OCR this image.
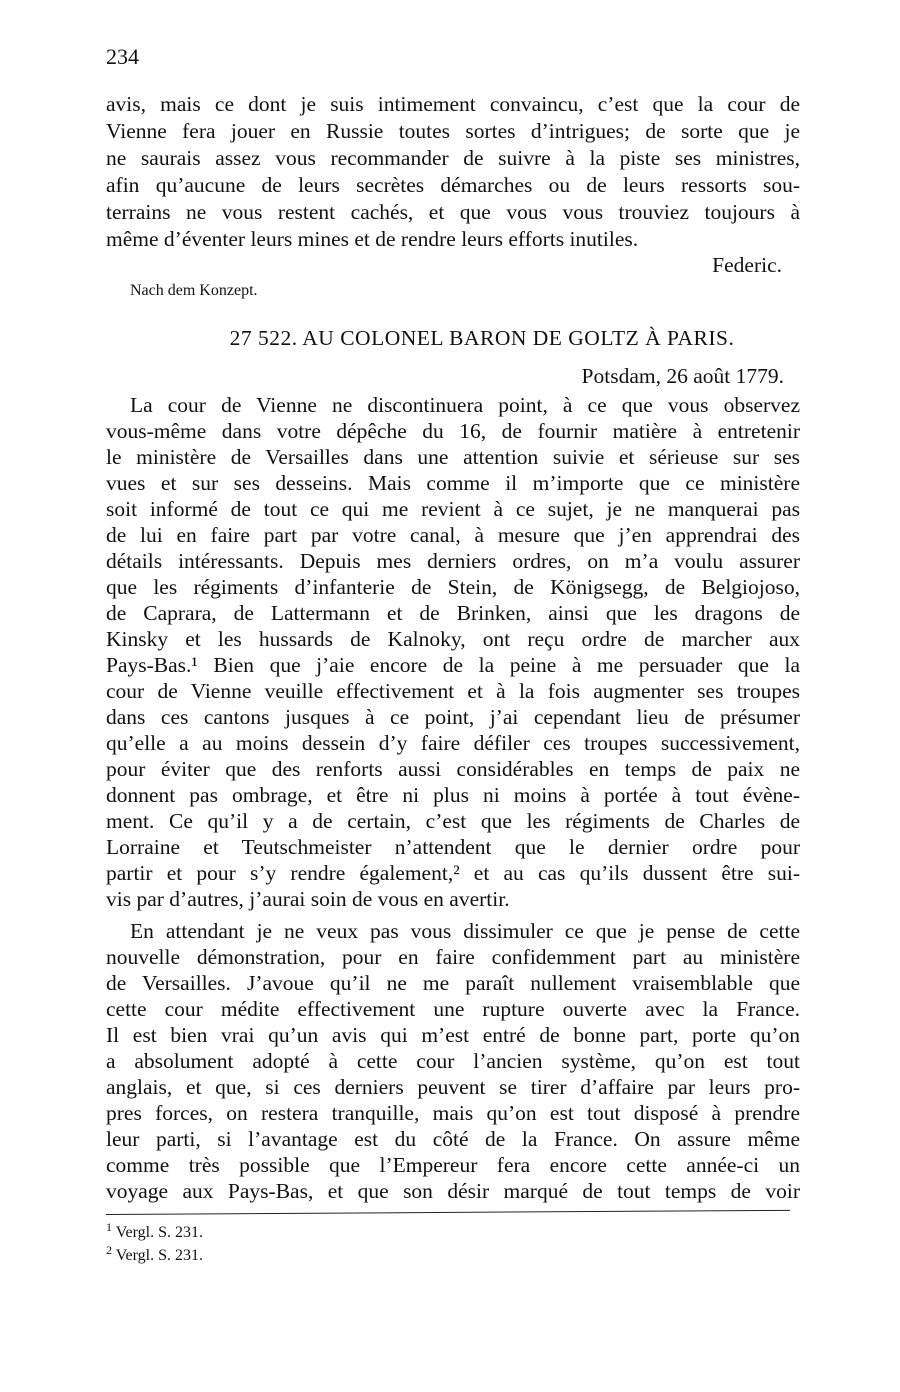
234
avis, mais ce dont je suis intimement convaincu, c’est que la cour de
Vienne fera jouer en Russie toutes sortes d’intrigues; de sorte que je
ne saurais assez vous recommander de suivre à la piste ses ministres,
afin qu’aucune de leurs secrètes démarches ou de leurs ressorts sou-
terrains ne vous restent cachés, et que vous vous trouviez toujours à
même d’éventer leurs mines et de rendre leurs efforts inutiles.
Federic.
Nach dem Konzept.
27 522. AU COLONEL BARON DE GOLTZ À PARIS.
Potsdam, 26 août 1779.
La cour de Vienne ne discontinuera point, à ce que vous observez
vous-même dans votre dépêche du 16, de fournir matière à entretenir
le ministère de Versailles dans une attention suivie et sérieuse sur ses
vues et sur ses desseins. Mais comme il m’importe que ce ministère
soit informé de tout ce qui me revient à ce sujet, je ne manquerai pas
de lui en faire part par votre canal, à mesure que j’en apprendrai des
détails intéressants. Depuis mes derniers ordres, on m’a voulu assurer
que les régiments d’infanterie de Stein, de Königsegg, de Belgiojoso,
de Caprara, de Lattermann et de Brinken, ainsi que les dragons de
Kinsky et les hussards de Kalnoky, ont reçu ordre de marcher aux
Pays-Bas.¹ Bien que j’aie encore de la peine à me persuader que la
cour de Vienne veuille effectivement et à la fois augmenter ses troupes
dans ces cantons jusques à ce point, j’ai cependant lieu de présumer
qu’elle a au moins dessein d’y faire défiler ces troupes successivement,
pour éviter que des renforts aussi considérables en temps de paix ne
donnent pas ombrage, et être ni plus ni moins à portée à tout évène-
ment. Ce qu’il y a de certain, c’est que les régiments de Charles de
Lorraine et Teutschmeister n’attendent que le dernier ordre pour
partir et pour s’y rendre également,² et au cas qu’ils dussent être sui-
vis par d’autres, j’aurai soin de vous en avertir.
En attendant je ne veux pas vous dissimuler ce que je pense de cette
nouvelle démonstration, pour en faire confidemment part au ministère
de Versailles. J’avoue qu’il ne me paraît nullement vraisemblable que
cette cour médite effectivement une rupture ouverte avec la France.
Il est bien vrai qu’un avis qui m’est entré de bonne part, porte qu’on
a absolument adopté à cette cour l’ancien système, qu’on est tout
anglais, et que, si ces derniers peuvent se tirer d’affaire par leurs pro-
pres forces, on restera tranquille, mais qu’on est tout disposé à prendre
leur parti, si l’avantage est du côté de la France. On assure même
comme très possible que l’Empereur fera encore cette année-ci un
voyage aux Pays-Bas, et que son désir marqué de tout temps de voir
$^1$ Vergl. S. 231.
$^2$ Vergl. S. 231.
